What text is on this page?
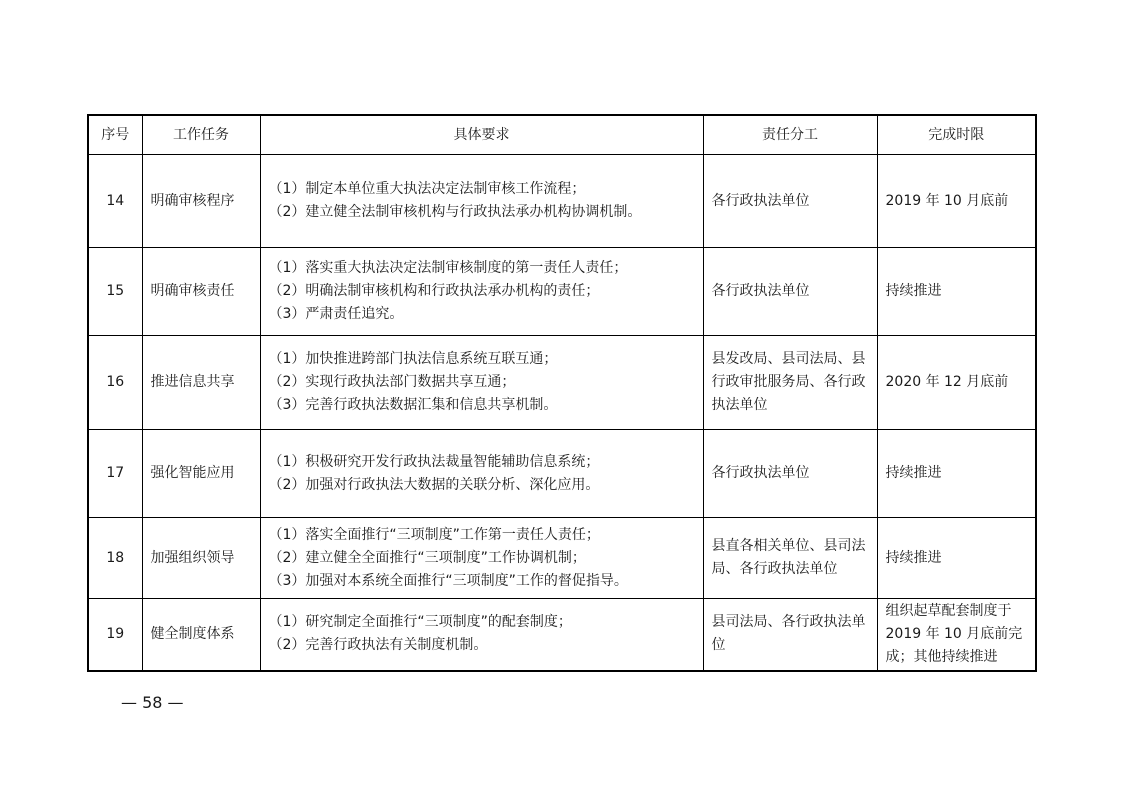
序号	工作任务	具体要求	责任分工	完成时限
14	明确审核程序	（1）制定本单位重大执法决定法制审核工作流程；
（2）建立健全法制审核机构与行政执法承办机构协调机制。	各行政执法单位	2019 年 10 月底前
15	明确审核责任	（1）落实重大执法决定法制审核制度的第一责任人责任；
（2）明确法制审核机构和行政执法承办机构的责任；
（3）严肃责任追究。	各行政执法单位	持续推进
16	推进信息共享	（1）加快推进跨部门执法信息系统互联互通；
（2）实现行政执法部门数据共享互通；
（3）完善行政执法数据汇集和信息共享机制。	县发改局、县司法局、县行政审批服务局、各行政执法单位	2020 年 12 月底前
17	强化智能应用	（1）积极研究开发行政执法裁量智能辅助信息系统；
（2）加强对行政执法大数据的关联分析、深化应用。	各行政执法单位	持续推进
18	加强组织领导	（1）落实全面推行“三项制度”工作第一责任人责任；
（2）建立健全全面推行“三项制度”工作协调机制；
（3）加强对本系统全面推行“三项制度”工作的督促指导。	县直各相关单位、县司法局、各行政执法单位	持续推进
19	健全制度体系	（1）研究制定全面推行“三项制度”的配套制度；
（2）完善行政执法有关制度机制。	县司法局、各行政执法单位	组织起草配套制度于 2019 年 10 月底前完成；其他持续推进
— 58 —
